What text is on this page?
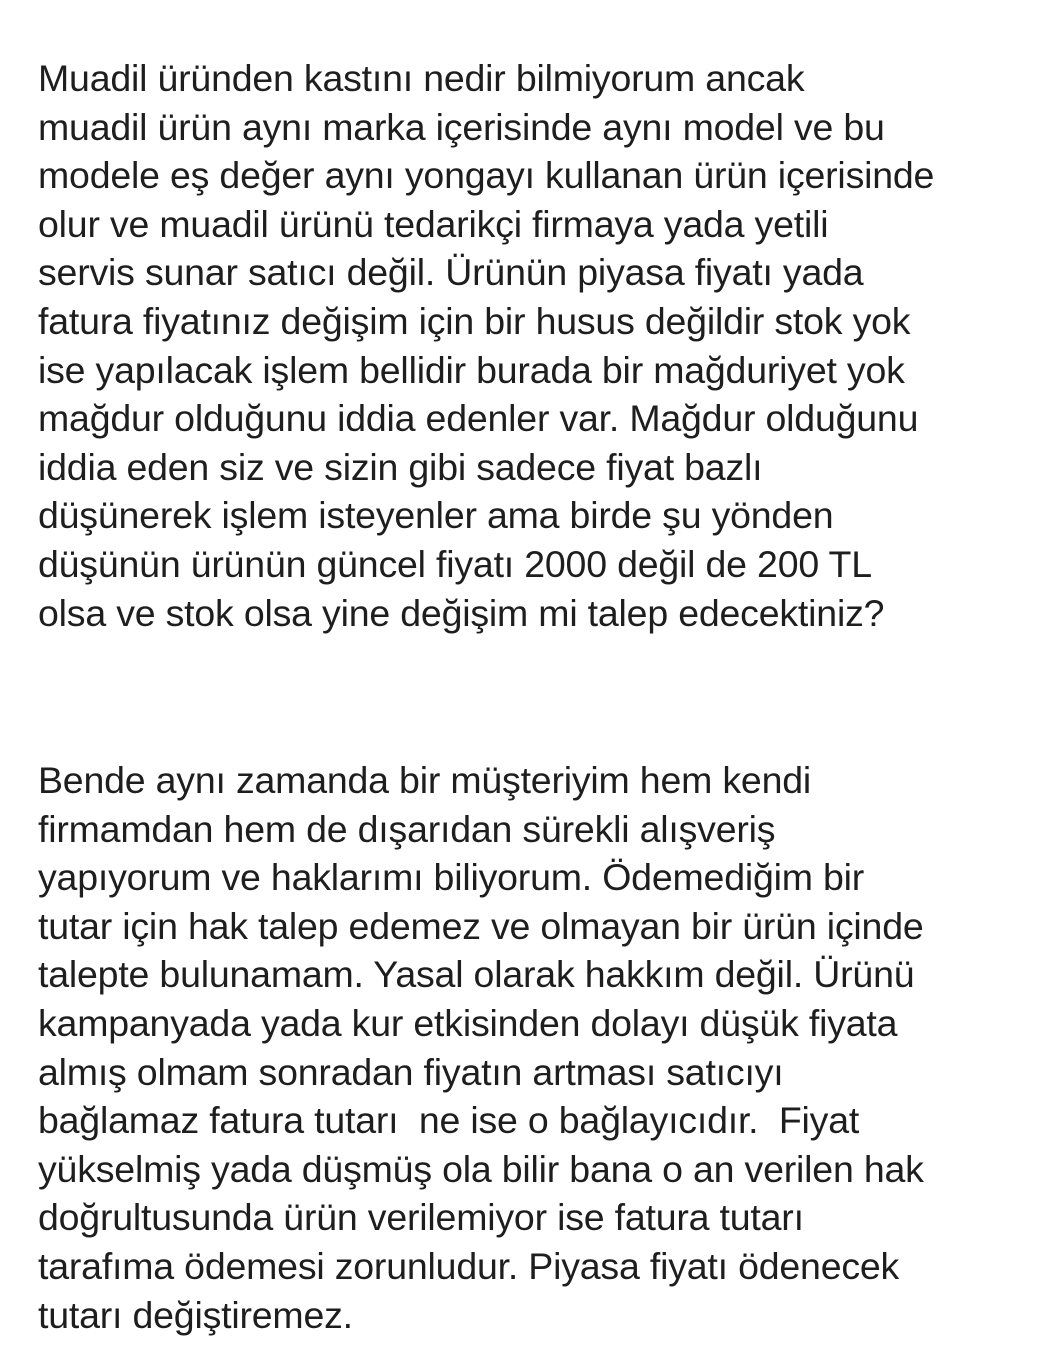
Muadil üründen kastını nedir bilmiyorum ancak
muadil ürün aynı marka içerisinde aynı model ve bu
modele eş değer aynı yongayı kullanan ürün içerisinde
olur ve muadil ürünü tedarikçi firmaya yada yetili
servis sunar satıcı değil. Ürünün piyasa fiyatı yada
fatura fiyatınız değişim için bir husus değildir stok yok
ise yapılacak işlem bellidir burada bir mağduriyet yok
mağdur olduğunu iddia edenler var. Mağdur olduğunu
iddia eden siz ve sizin gibi sadece fiyat bazlı
düşünerek işlem isteyenler ama birde şu yönden
düşünün ürünün güncel fiyatı 2000 değil de 200 TL
olsa ve stok olsa yine değişim mi talep edecektiniz?

Bende aynı zamanda bir müşteriyim hem kendi
firmamdan hem de dışarıdan sürekli alışveriş
yapıyorum ve haklarımı biliyorum. Ödemediğim bir
tutar için hak talep edemez ve olmayan bir ürün içinde
talepte bulunamam. Yasal olarak hakkım değil. Ürünü
kampanyada yada kur etkisinden dolayı düşük fiyata
almış olmam sonradan fiyatın artması satıcıyı
bağlamaz fatura tutarı  ne ise o bağlayıcıdır.  Fiyat
yükselmiş yada düşmüş ola bilir bana o an verilen hak
doğrultusunda ürün verilemiyor ise fatura tutarı
tarafıma ödemesi zorunludur. Piyasa fiyatı ödenecek
tutarı değiştiremez.
